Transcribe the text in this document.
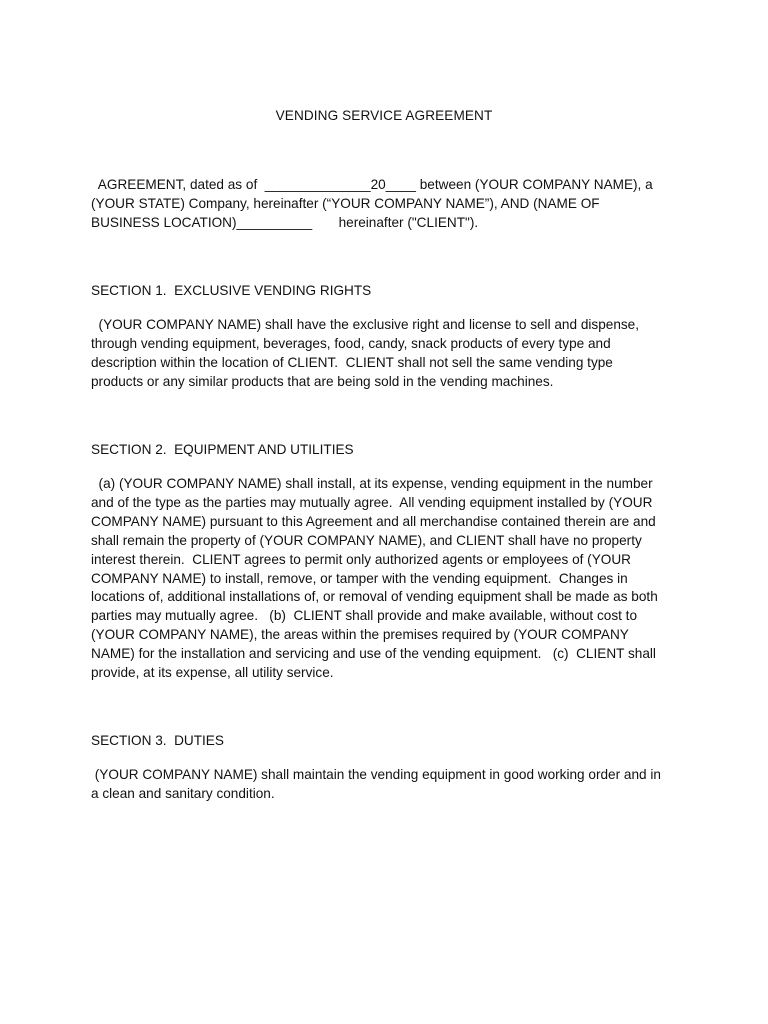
VENDING SERVICE AGREEMENT
AGREEMENT, dated as of  ______________20____ between (YOUR COMPANY NAME), a
(YOUR STATE) Company, hereinafter (“YOUR COMPANY NAME”), AND (NAME OF
BUSINESS LOCATION)__________       hereinafter ("CLIENT").
SECTION 1.  EXCLUSIVE VENDING RIGHTS
(YOUR COMPANY NAME) shall have the exclusive right and license to sell and dispense,
through vending equipment, beverages, food, candy, snack products of every type and
description within the location of CLIENT.  CLIENT shall not sell the same vending type
products or any similar products that are being sold in the vending machines.
SECTION 2.  EQUIPMENT AND UTILITIES
(a) (YOUR COMPANY NAME) shall install, at its expense, vending equipment in the number
and of the type as the parties may mutually agree.  All vending equipment installed by (YOUR
COMPANY NAME) pursuant to this Agreement and all merchandise contained therein are and
shall remain the property of (YOUR COMPANY NAME), and CLIENT shall have no property
interest therein.  CLIENT agrees to permit only authorized agents or employees of (YOUR
COMPANY NAME) to install, remove, or tamper with the vending equipment.  Changes in
locations of, additional installations of, or removal of vending equipment shall be made as both
parties may mutually agree.   (b)  CLIENT shall provide and make available, without cost to
(YOUR COMPANY NAME), the areas within the premises required by (YOUR COMPANY
NAME) for the installation and servicing and use of the vending equipment.   (c)  CLIENT shall
provide, at its expense, all utility service.
SECTION 3.  DUTIES
(YOUR COMPANY NAME) shall maintain the vending equipment in good working order and in
a clean and sanitary condition.
